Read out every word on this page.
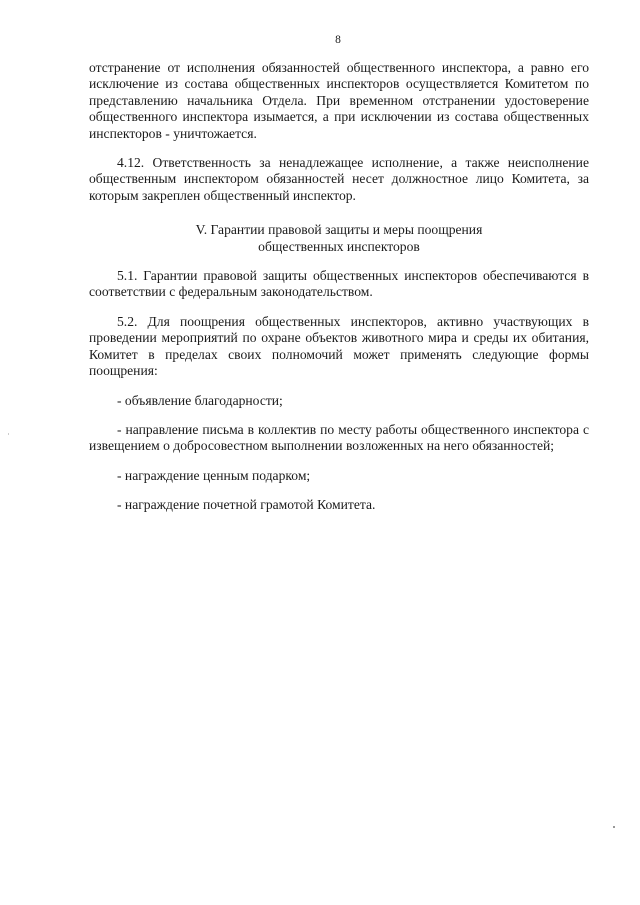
8

отстранение от исполнения обязанностей общественного инспектора, а равно его исключение из состава общественных инспекторов осуществляется Комитетом по представлению начальника Отдела. При временном отстранении удостоверение общественного инспектора изымается, а при исключении из состава общественных инспекторов - уничтожается.

4.12. Ответственность за ненадлежащее исполнение, а также неисполнение общественным инспектором обязанностей несет должностное лицо Комитета, за которым закреплен общественный инспектор.

V. Гарантии правовой защиты и меры поощрения
общественных инспекторов

5.1. Гарантии правовой защиты общественных инспекторов обеспечиваются в соответствии с федеральным законодательством.

5.2. Для поощрения общественных инспекторов, активно участвующих в проведении мероприятий по охране объектов животного мира и среды их обитания, Комитет в пределах своих полномочий может применять следующие формы поощрения:

- объявление благодарности;

- направление письма в коллектив по месту работы общественного инспектора с извещением о добросовестном выполнении возложенных на него обязанностей;

- награждение ценным подарком;

- награждение почетной грамотой Комитета.
